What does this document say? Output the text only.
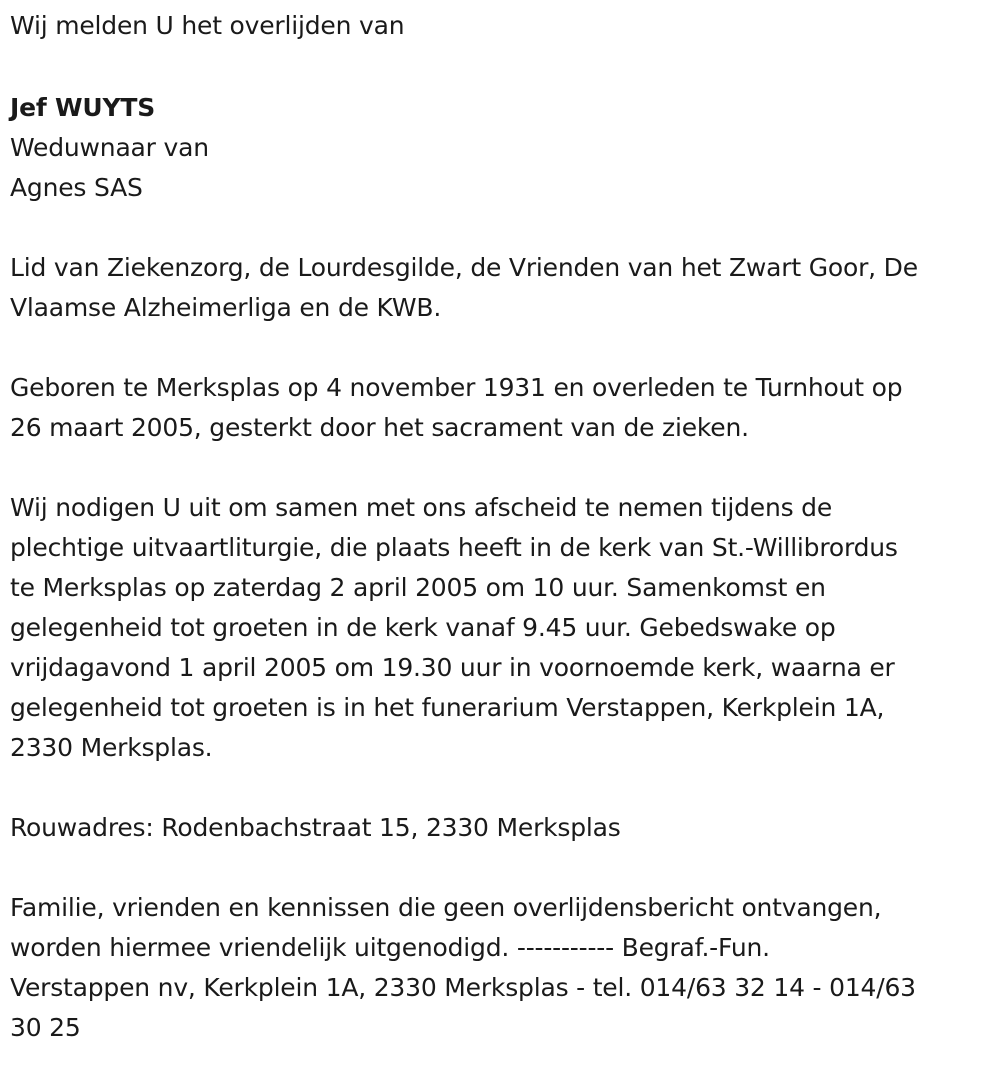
Wij melden U het overlijden van
Jef WUYTS
Weduwnaar van
Agnes SAS
Lid van Ziekenzorg, de Lourdesgilde, de Vrienden van het Zwart Goor, De
Vlaamse Alzheimerliga en de KWB.
Geboren te Merksplas op 4 november 1931 en overleden te Turnhout op
26 maart 2005, gesterkt door het sacrament van de zieken.
Wij nodigen U uit om samen met ons afscheid te nemen tijdens de
plechtige uitvaartliturgie, die plaats heeft in de kerk van St.-Willibrordus
te Merksplas op zaterdag 2 april 2005 om 10 uur. Samenkomst en
gelegenheid tot groeten in de kerk vanaf 9.45 uur. Gebedswake op
vrijdagavond 1 april 2005 om 19.30 uur in voornoemde kerk, waarna er
gelegenheid tot groeten is in het funerarium Verstappen, Kerkplein 1A,
2330 Merksplas.
Rouwadres: Rodenbachstraat 15, 2330 Merksplas
Familie, vrienden en kennissen die geen overlijdensbericht ontvangen,
worden hiermee vriendelijk uitgenodigd. ----------- Begraf.-Fun.
Verstappen nv, Kerkplein 1A, 2330 Merksplas - tel. 014/63 32 14 - 014/63
30 25
